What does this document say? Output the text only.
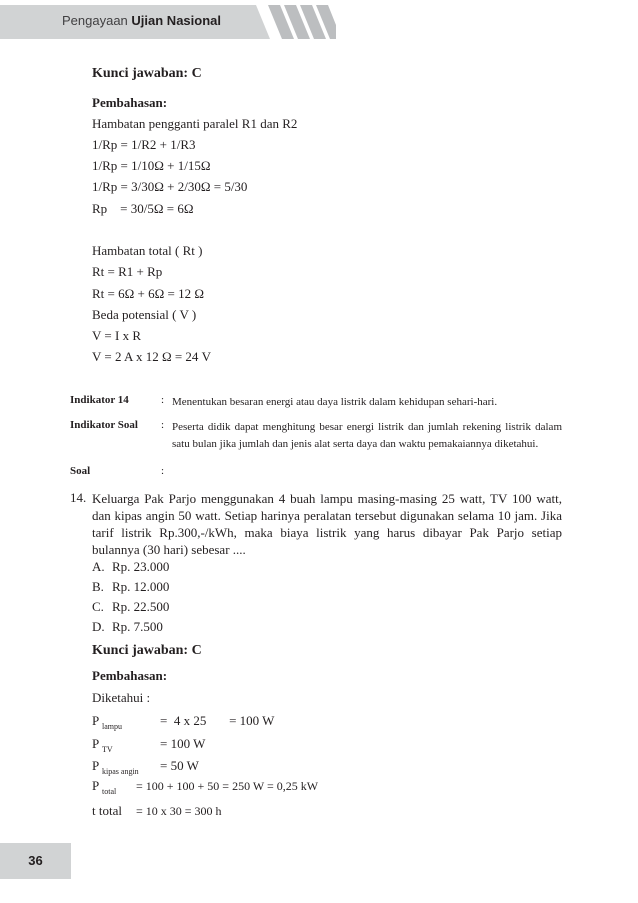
Pengayaan Ujian Nasional
Kunci jawaban: C
Pembahasan:
Hambatan pengganti paralel R1 dan R2
1/Rp = 1/R2 + 1/R3
1/Rp = 1/10Ω + 1/15Ω
1/Rp = 3/30Ω + 2/30Ω = 5/30
Rp    = 30/5Ω = 6Ω
Hambatan total ( Rt )
Rt = R1 + Rp
Rt = 6Ω + 6Ω = 12 Ω
Beda potensial ( V )
V = I x R
V = 2 A x 12 Ω = 24 V
Indikator 14	: Menentukan besaran energi atau daya listrik dalam kehidupan sehari-hari.
Indikator Soal : Peserta didik dapat menghitung besar energi listrik dan jumlah rekening listrik dalam satu bulan jika jumlah dan jenis alat serta daya dan waktu pemakaiannya diketahui.
Soal	:
14. Keluarga Pak Parjo menggunakan 4 buah lampu masing-masing 25 watt, TV 100 watt, dan kipas angin 50 watt. Setiap harinya peralatan tersebut digunakan selama 10 jam. Jika tarif listrik Rp.300,-/kWh, maka biaya listrik yang harus dibayar Pak Parjo setiap bulannya (30 hari) sebesar ....
A. Rp. 23.000
B. Rp. 12.000
C. Rp. 22.500
D. Rp. 7.500
Kunci jawaban: C
Pembahasan:
Diketahui :
P $_{lampu}$	=  4 x 25       = 100 W
P $_{TV}$	= 100 W
P $_{kipas angin}$ = 50 W
P $_{total}$ = 100 + 100 + 50 = 250 W = 0,25 kW
t total = 10 x 30 = 300 h
36
